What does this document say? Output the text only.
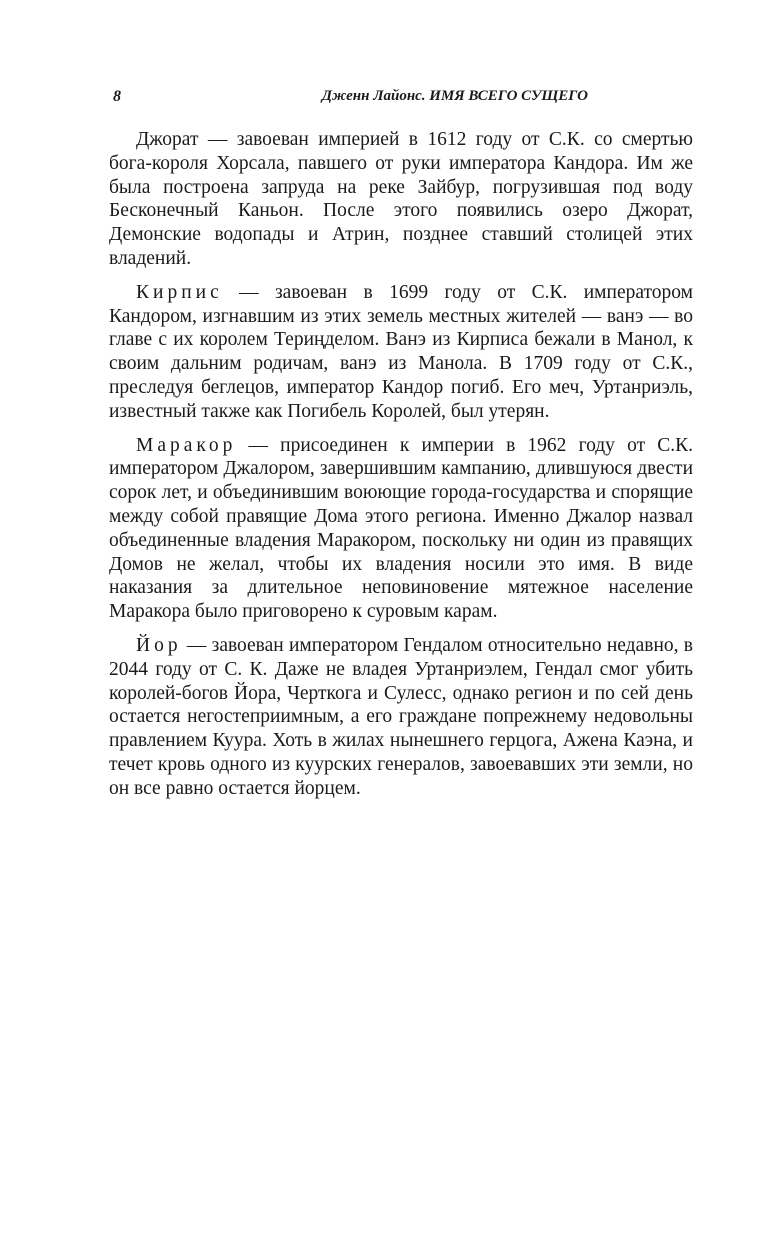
8	Дженн Лайонс. ИМЯ ВСЕГО СУЩЕГО

Джорат — завоеван империей в 1612 году от С.К. со смертью бога-короля Хорсала, павшего от руки императора Кандора. Им же была построена запруда на реке Зайбур, погрузившая под воду Бесконечный Каньон. После этого появились озеро Джорат, Демонские водопады и Атрин, позднее ставший столицей этих владений.

Кирпис — завоеван в 1699 году от С.К. императором Кандором, изгнавшим из этих земель местных жителей — ванэ — во главе с их королем Териңделом. Ванэ из Кирписа бежали в Манол, к своим дальним родичам, ванэ из Манола. В 1709 году от С.К., преследуя беглецов, император Кандор погиб. Его меч, Уртанриэль, известный также как Погибель Королей, был утерян.

Маракор — присоединен к империи в 1962 году от С.К. императором Джалором, завершившим кампанию, длившуюся двести сорок лет, и объединившим воюющие города-государства и спорящие между собой правящие Дома этого региона. Именно Джалор назвал объединенные владения Маракором, поскольку ни один из правящих Домов не желал, чтобы их владения носили это имя. В виде наказания за длительное неповиновение мятежное население Маракора было приговорено к суровым карам.

Йор — завоеван императором Гендалом относительно недавно, в 2044 году от С. К. Даже не владея Уртанриэлем, Гендал смог убить королей-богов Йора, Черткога и Сулесс, однако регион и по сей день остается негостеприимным, а его граждане попрежнему недовольны правлением Куура. Хоть в жилах нынешнего герцога, Ажена Каэна, и течет кровь одного из куурских генералов, завоевавших эти земли, но он все равно остается йорцем.
